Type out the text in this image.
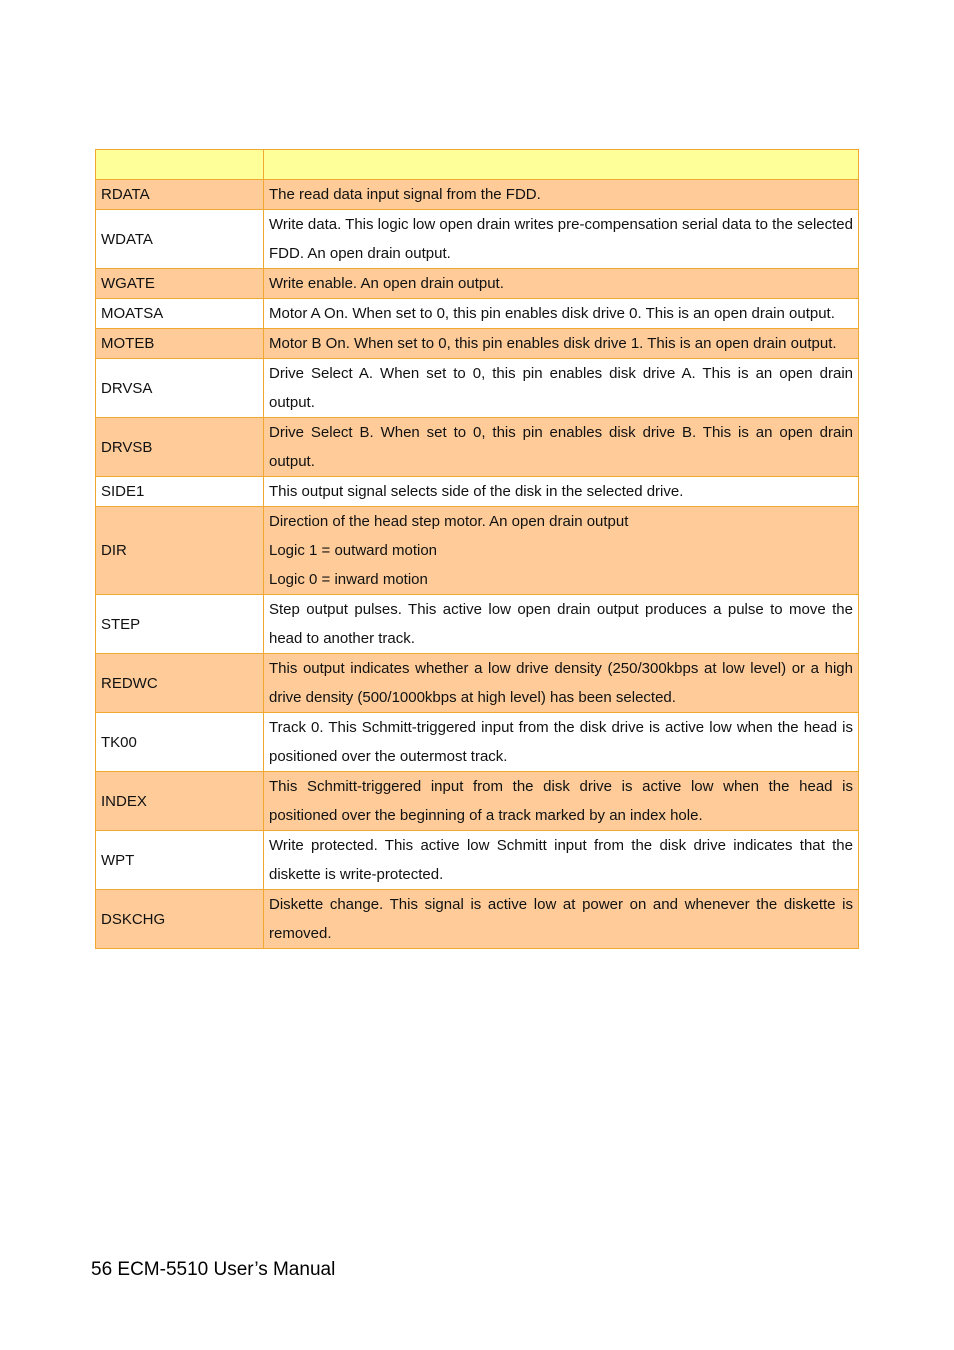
RDATA	The read data input signal from the FDD.

WDATA	Write data. This logic low open drain writes pre-compensation serial data to the selected FDD. An open drain output.

WGATE	Write enable. An open drain output.

MOATSA	Motor A On. When set to 0, this pin enables disk drive 0. This is an open drain output.

MOTEB	Motor B On. When set to 0, this pin enables disk drive 1. This is an open drain output.

DRVSA	Drive Select A. When set to 0, this pin enables disk drive A. This is an open drain output.

DRVSB	Drive Select B. When set to 0, this pin enables disk drive B. This is an open drain output.

SIDE1	This output signal selects side of the disk in the selected drive.

DIR	Direction of the head step motor. An open drain output
Logic 1 = outward motion
Logic 0 = inward motion

STEP	Step output pulses. This active low open drain output produces a pulse to move the head to another track.

REDWC	This output indicates whether a low drive density (250/300kbps at low level) or a high drive density (500/1000kbps at high level) has been selected.

TK00	Track 0. This Schmitt-triggered input from the disk drive is active low when the head is positioned over the outermost track.

INDEX	This Schmitt-triggered input from the disk drive is active low when the head is positioned over the beginning of a track marked by an index hole.

WPT	Write protected. This active low Schmitt input from the disk drive indicates that the diskette is write-protected.

DSKCHG	Diskette change. This signal is active low at power on and whenever the diskette is removed.
56 ECM-5510 User’s Manual
